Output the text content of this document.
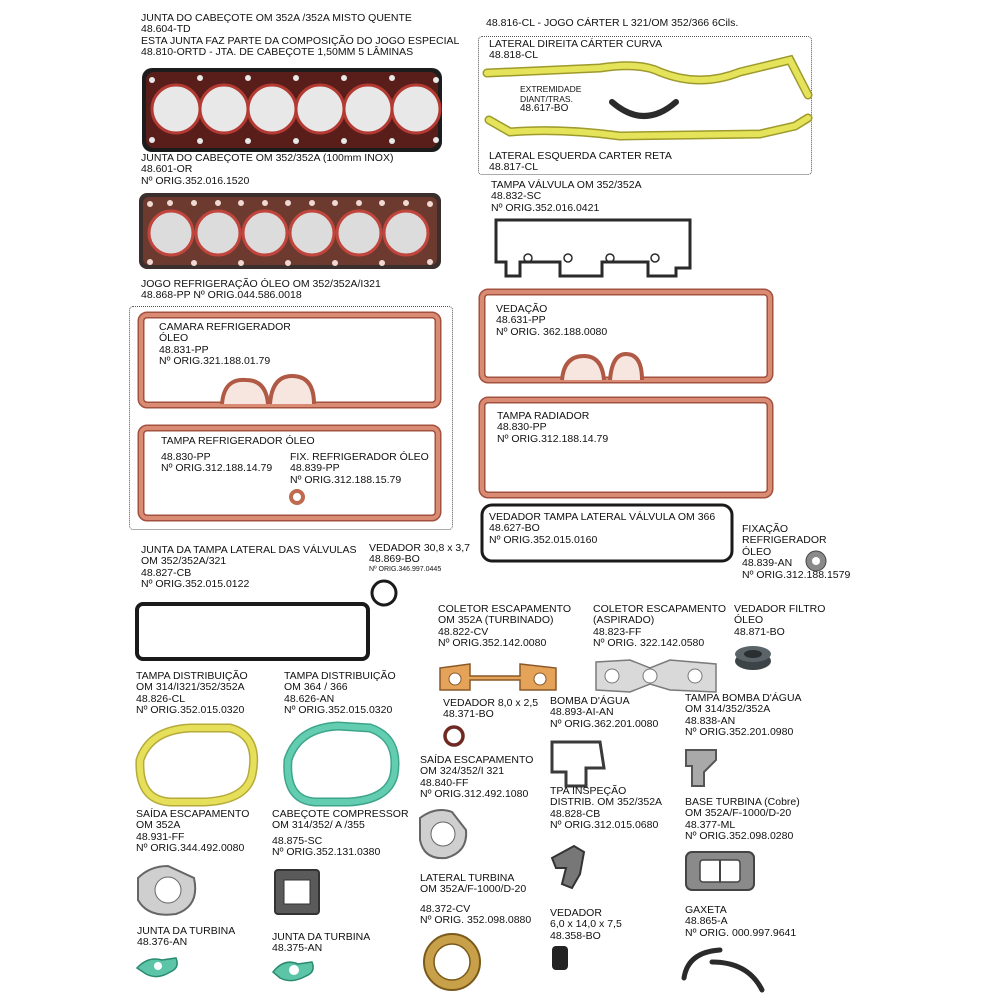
JUNTA DO CABEÇOTE OM 352A /352A MISTO QUENTE
48.604-TD
ESTA JUNTA FAZ PARTE DA COMPOSIÇÃO DO JOGO ESPECIAL
48.810-ORTD - JTA. DE CABEÇOTE 1,50MM 5 LÂMINAS
48.816-CL - JOGO CÁRTER L 321/OM 352/366 6Cils.
LATERAL DIREITA CÁRTER CURVA
48.818-CL
EXTREMIDADE
DIANT/TRAS.
48.617-BO
LATERAL ESQUERDA CARTER RETA
48.817-CL
JUNTA DO CABEÇOTE OM 352/352A (100mm INOX)
48.601-OR
Nº ORIG.352.016.1520	TAMPA VÁLVULA OM 352/352A
48.832-SC
Nº ORIG.352.016.0421
JOGO REFRIGERAÇÃO ÓLEO OM 352/352A/I321
48.868-PP Nº ORIG.044.586.0018
CAMARA REFRIGERADOR
ÓLEO
48.831-PP
Nº ORIG.321.188.01.79
VEDAÇÃO
48.631-PP
Nº ORIG. 362.188.0080
TAMPA RADIADOR
48.830-PP
Nº ORIG.312.188.14.79
TAMPA REFRIGERADOR ÓLEO
48.830-PP
Nº ORIG.312.188.14.79
FIX. REFRIGERADOR ÓLEO
48.839-PP
Nº ORIG.312.188.15.79
VEDADOR TAMPA LATERAL VÁLVULA OM 366
48.627-BO
Nº ORIG.352.015.0160
FIXAÇÃO
REFRIGERADOR
ÓLEO
48.839-AN
Nº ORIG.312.188.1579
JUNTA DA TAMPA LATERAL DAS VÁLVULAS
OM 352/352A/321
48.827-CB
Nº ORIG.352.015.0122
VEDADOR 30,8 x 3,7
48.869-BO
Nº ORIG.346.997.0445
COLETOR ESCAPAMENTO
OM 352A (TURBINADO)
48.822-CV
Nº ORIG.352.142.0080
COLETOR ESCAPAMENTO
(ASPIRADO)
48.823-FF
Nº ORIG. 322.142.0580
VEDADOR FILTRO
ÓLEO
48.871-BO
TAMPA DISTRIBUIÇÃO
OM 314/I321/352/352A
48.826-CL
Nº ORIG.352.015.0320
TAMPA DISTRIBUIÇÃO
OM 364 / 366
48.626-AN
Nº ORIG.352.015.0320
VEDADOR 8,0 x 2,5
48.371-BO
BOMBA D'ÁGUA
48.893-AI-AN
Nº ORIG.362.201.0080
TAMPA BOMBA D'ÁGUA
OM 314/352/352A
48.838-AN
Nº ORIG.352.201.0980
SAÍDA ESCAPAMENTO
OM 324/352/I 321
48.840-FF
Nº ORIG.312.492.1080	TPA INSPEÇÃO
DISTRIB. OM 352/352A
48.828-CB
Nº ORIG.312.015.0680
BASE TURBINA (Cobre)
OM 352A/F-1000/D-20
48.377-ML
Nº ORIG.352.098.0280
SAÍDA ESCAPAMENTO
OM 352A
48.931-FF
Nº ORIG.344.492.0080
CABEÇOTE COMPRESSOR
OM 314/352/ A /355
48.875-SC
Nº ORIG.352.131.0380
LATERAL TURBINA
OM 352A/F-1000/D-20
48.372-CV
Nº ORIG. 352.098.0880
VEDADOR
6,0 x 14,0 x 7,5
48.358-BO
GAXETA
48.865-A
Nº ORIG. 000.997.9641
JUNTA DA TURBINA
48.376-AN	JUNTA DA TURBINA
48.375-AN
